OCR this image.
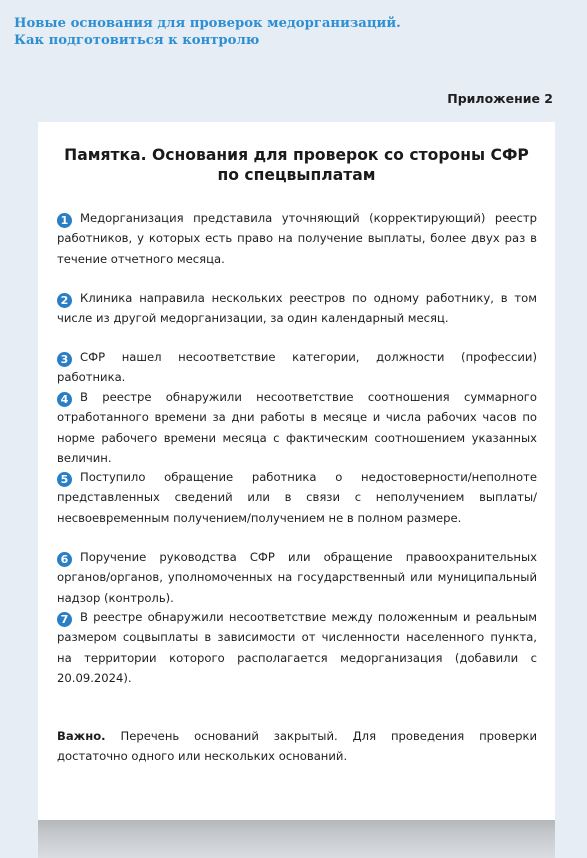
Новые основания для проверок медорганизаций.
Как подготовиться к контролю
Приложение 2
Памятка. Основания для проверок со стороны СФР
по спецвыплатам
1 Медорганизация представила уточняющий (корректирующий) реестр работников, у которых есть право на получение выплаты, более двух раз в течение отчетного месяца.
2 Клиника направила нескольких реестров по одному работнику, в том числе из другой медорганизации, за один календарный месяц.
3 СФР нашел несоответствие категории, должности (профессии) работника.
4 В реестре обнаружили несоответствие соотношения суммарного отработанного времени за дни работы в месяце и числа рабочих часов по норме рабочего времени месяца с фактическим соотношением указанных величин.
5 Поступило обращение работника о недостоверности/неполноте представленных сведений или в связи с неполучением выплаты/несвоевременным получением/получением не в полном размере.
6 Поручение руководства СФР или обращение правоохранительных органов/органов, уполномоченных на государственный или муниципальный надзор (контроль).
7 В реестре обнаружили несоответствие между положенным и реальным размером соцвыплаты в зависимости от численности населенного пункта, на территории которого располагается медорганизация (добавили с 20.09.2024).
Важно. Перечень оснований закрытый. Для проведения проверки достаточно одного или нескольких оснований.
